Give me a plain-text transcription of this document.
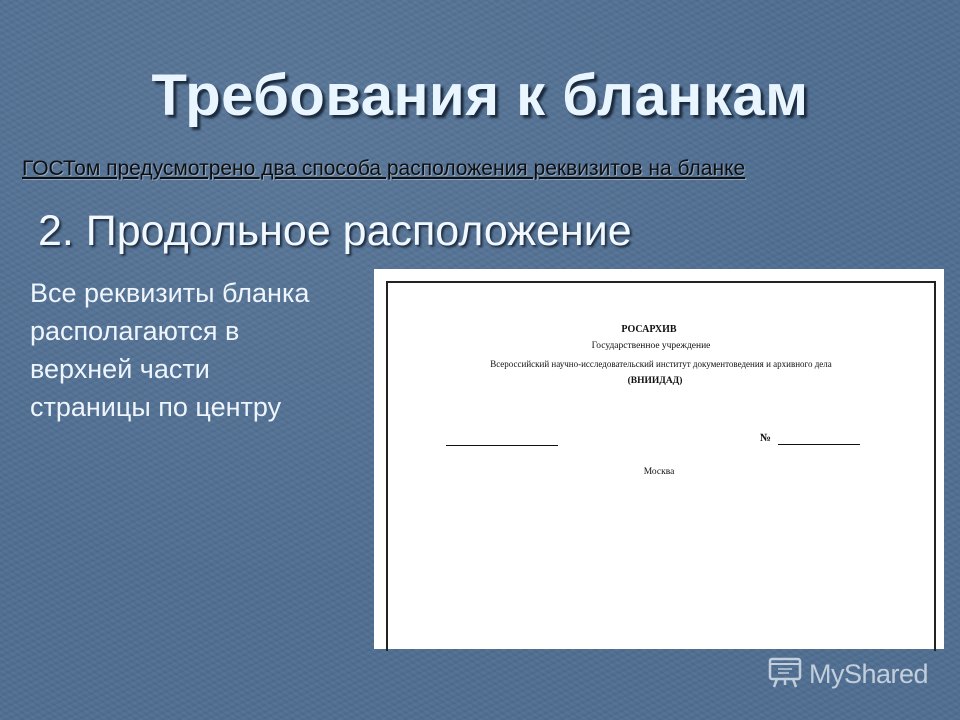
Требования к бланкам
ГОСТом предусмотрено два способа расположения реквизитов на бланке
2. Продольное расположение
Все реквизиты бланка
располагаются в
верхней части
страницы по центру
РОСАРХИВ
Государственное учреждение
Всероссийский научно-исследовательский институт документоведения и архивного дела
(ВНИИДАД)
№
Москва
MyShared
